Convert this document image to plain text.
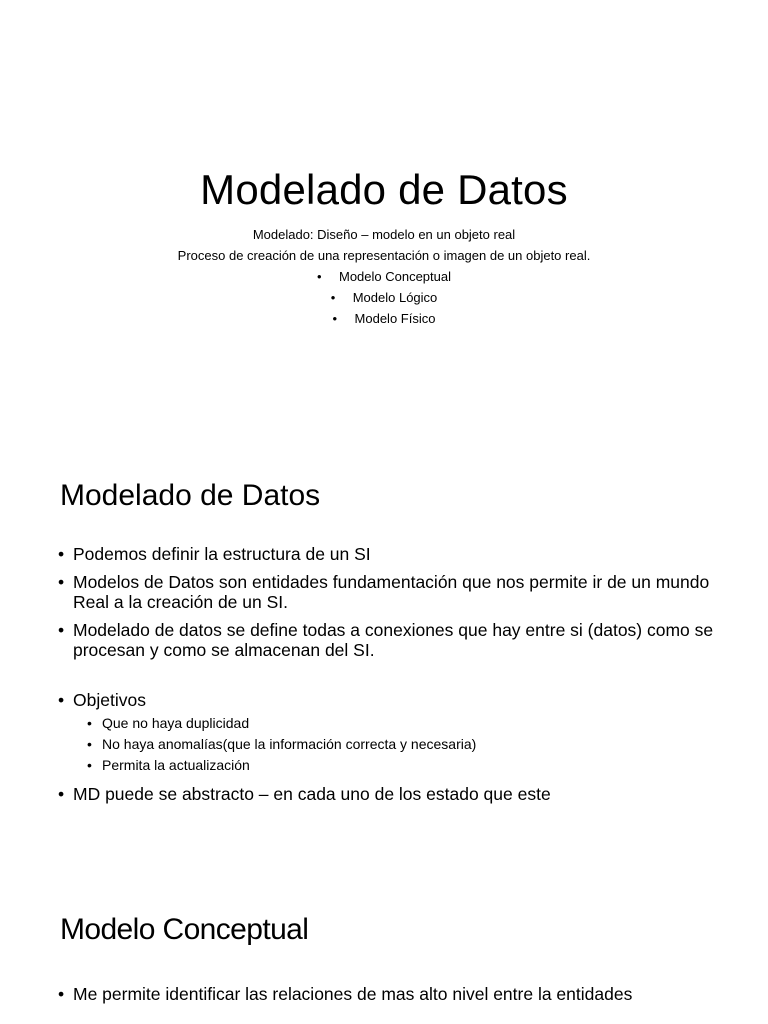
Modelado de Datos
Modelado: Diseño – modelo en un objeto real
Proceso de creación de una representación o imagen de un objeto real.
• Modelo Conceptual
• Modelo Lógico
• Modelo Físico
Modelado de Datos
• Podemos definir la estructura de un SI
• Modelos de Datos son entidades fundamentación que nos permite ir de un mundo Real a la creación de un SI.
• Modelado de datos se define todas a conexiones que hay entre si (datos) como se procesan y como se almacenan del SI.
• Objetivos
• Que no haya duplicidad
• No haya anomalías(que la información correcta y necesaria)
• Permita la actualización
• MD puede se abstracto – en cada uno de los estado que este
Modelo Conceptual
• Me permite identificar las relaciones de mas alto nivel entre la entidades
